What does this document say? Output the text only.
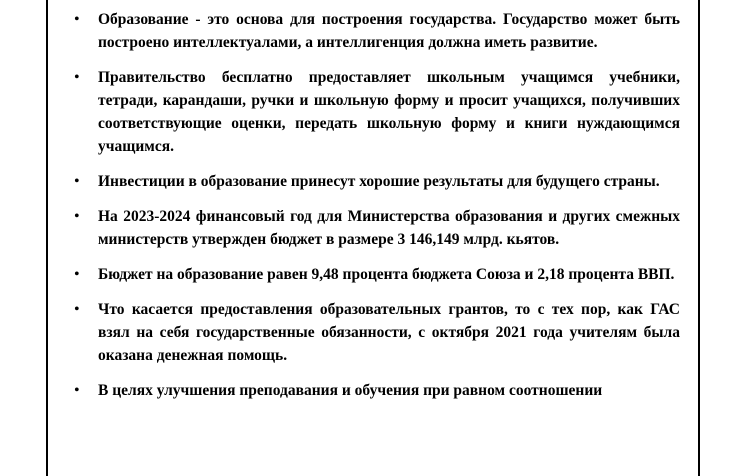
• Образование - это основа для построения государства. Государство может быть построено интеллектуалами, а интеллигенция должна иметь развитие.
• Правительство бесплатно предоставляет школьным учащимся учебники, тетради, карандаши, ручки и школьную форму и просит учащихся, получивших соответствующие оценки, передать школьную форму и книги нуждающимся учащимся.
• Инвестиции в образование принесут хорошие результаты для будущего страны.
• На 2023-2024 финансовый год для Министерства образования и других смежных министерств утвержден бюджет в размере 3 146,149 млрд. кьятов.
• Бюджет на образование равен 9,48 процента бюджета Союза и 2,18 процента ВВП.
• Что касается предоставления образовательных грантов, то с тех пор, как ГАС взял на себя государственные обязанности, с октября 2021 года учителям была оказана денежная помощь.
• В целях улучшения преподавания и обучения при равном соотношении
